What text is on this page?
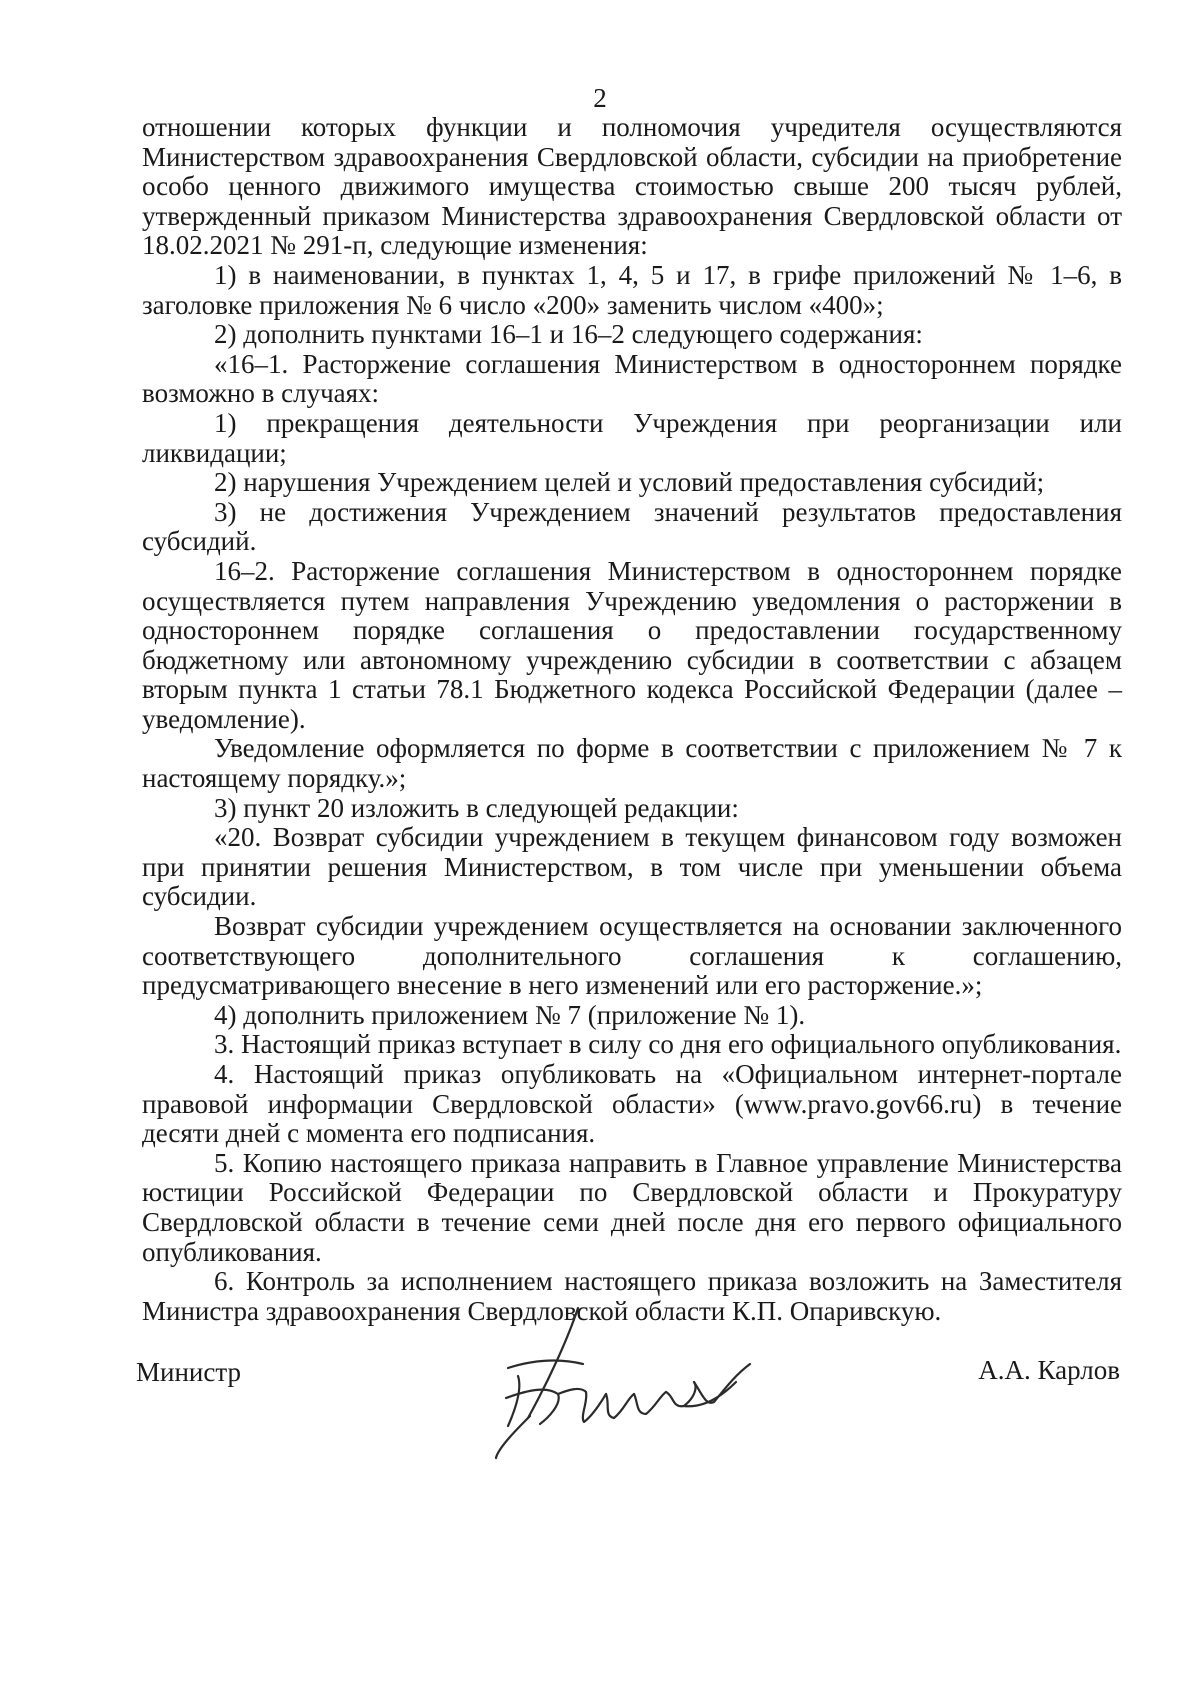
2

отношении которых функции и полномочия учредителя осуществляются Министерством здравоохранения Свердловской области, субсидии на приобретение особо ценного движимого имущества стоимостью свыше 200 тысяч рублей, утвержденный приказом Министерства здравоохранения Свердловской области от 18.02.2021 № 291-п, следующие изменения:

1) в наименовании, в пунктах 1, 4, 5 и 17, в грифе приложений № 1–6, в заголовке приложения № 6 число «200» заменить числом «400»;

2) дополнить пунктами 16–1 и 16–2 следующего содержания:

«16–1. Расторжение соглашения Министерством в одностороннем порядке возможно в случаях:

1) прекращения деятельности Учреждения при реорганизации или ликвидации;

2) нарушения Учреждением целей и условий предоставления субсидий;

3) не достижения Учреждением значений результатов предоставления субсидий.

16–2. Расторжение соглашения Министерством в одностороннем порядке осуществляется путем направления Учреждению уведомления о расторжении в одностороннем порядке соглашения о предоставлении государственному бюджетному или автономному учреждению субсидии в соответствии с абзацем вторым пункта 1 статьи 78.1 Бюджетного кодекса Российской Федерации (далее – уведомление).

Уведомление оформляется по форме в соответствии с приложением № 7 к настоящему порядку.»;

3) пункт 20 изложить в следующей редакции:

«20. Возврат субсидии учреждением в текущем финансовом году возможен при принятии решения Министерством, в том числе при уменьшении объема субсидии.

Возврат субсидии учреждением осуществляется на основании заключенного соответствующего дополнительного соглашения к соглашению, предусматривающего внесение в него изменений или его расторжение.»;

4) дополнить приложением № 7 (приложение № 1).

3. Настоящий приказ вступает в силу со дня его официального опубликования.

4. Настоящий приказ опубликовать на «Официальном интернет-портале правовой информации Свердловской области» (www.pravo.gov66.ru) в течение десяти дней с момента его подписания.

5. Копию настоящего приказа направить в Главное управление Министерства юстиции Российской Федерации по Свердловской области и Прокуратуру Свердловской области в течение семи дней после дня его первого официального опубликования.

6. Контроль за исполнением настоящего приказа возложить на Заместителя Министра здравоохранения Свердловской области К.П. Опаривскую.

Министр	А.А. Карлов
